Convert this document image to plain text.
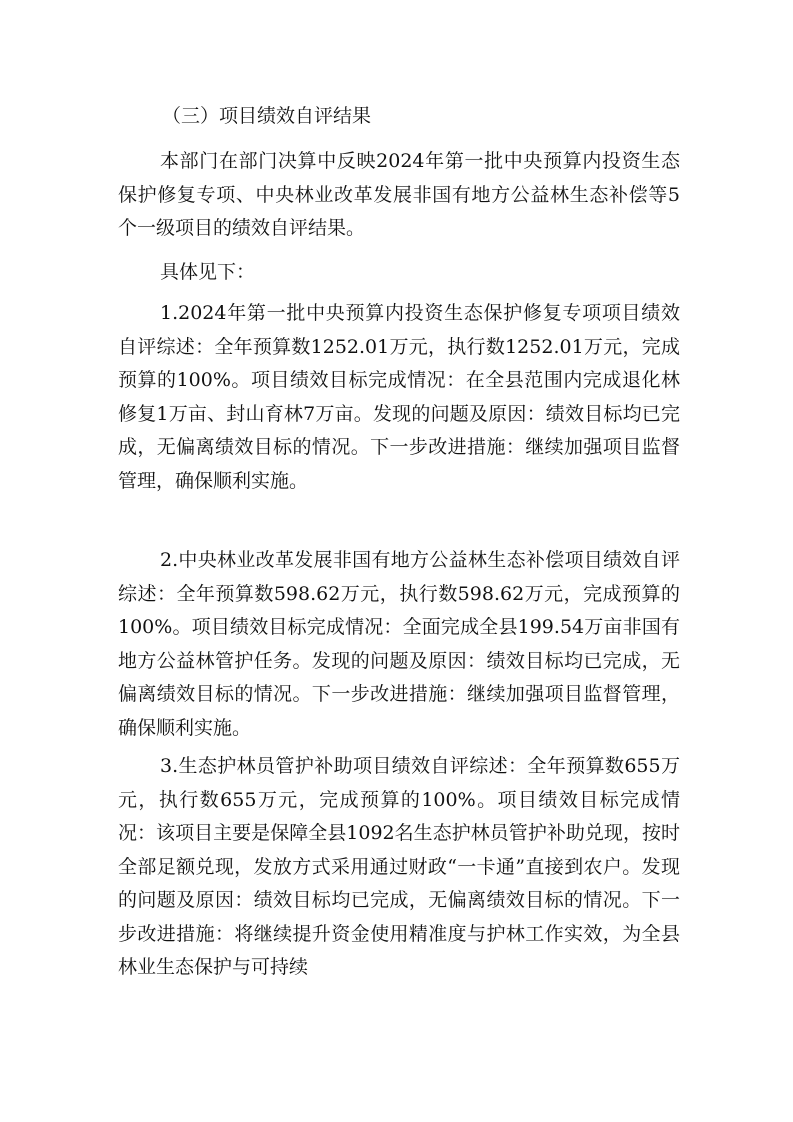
（三）项目绩效自评结果

本部门在部门决算中反映2024年第一批中央预算内投资生态保护修复专项、中央林业改革发展非国有地方公益林生态补偿等5个一级项目的绩效自评结果。

具体见下：

1.2024年第一批中央预算内投资生态保护修复专项项目绩效自评综述：全年预算数1252.01万元，执行数1252.01万元，完成预算的100%。项目绩效目标完成情况：在全县范围内完成退化林修复1万亩、封山育林7万亩。发现的问题及原因：绩效目标均已完成，无偏离绩效目标的情况。下一步改进措施：继续加强项目监督管理，确保顺利实施。

2.中央林业改革发展非国有地方公益林生态补偿项目绩效自评综述：全年预算数598.62万元，执行数598.62万元，完成预算的100%。项目绩效目标完成情况：全面完成全县199.54万亩非国有地方公益林管护任务。发现的问题及原因：绩效目标均已完成，无偏离绩效目标的情况。下一步改进措施：继续加强项目监督管理，确保顺利实施。

3.生态护林员管护补助项目绩效自评综述：全年预算数655万元，执行数655万元，完成预算的100%。项目绩效目标完成情况：该项目主要是保障全县1092名生态护林员管护补助兑现，按时全部足额兑现，发放方式采用通过财政“一卡通”直接到农户。发现的问题及原因：绩效目标均已完成，无偏离绩效目标的情况。下一步改进措施：将继续提升资金使用精准度与护林工作实效，为全县林业生态保护与可持续
